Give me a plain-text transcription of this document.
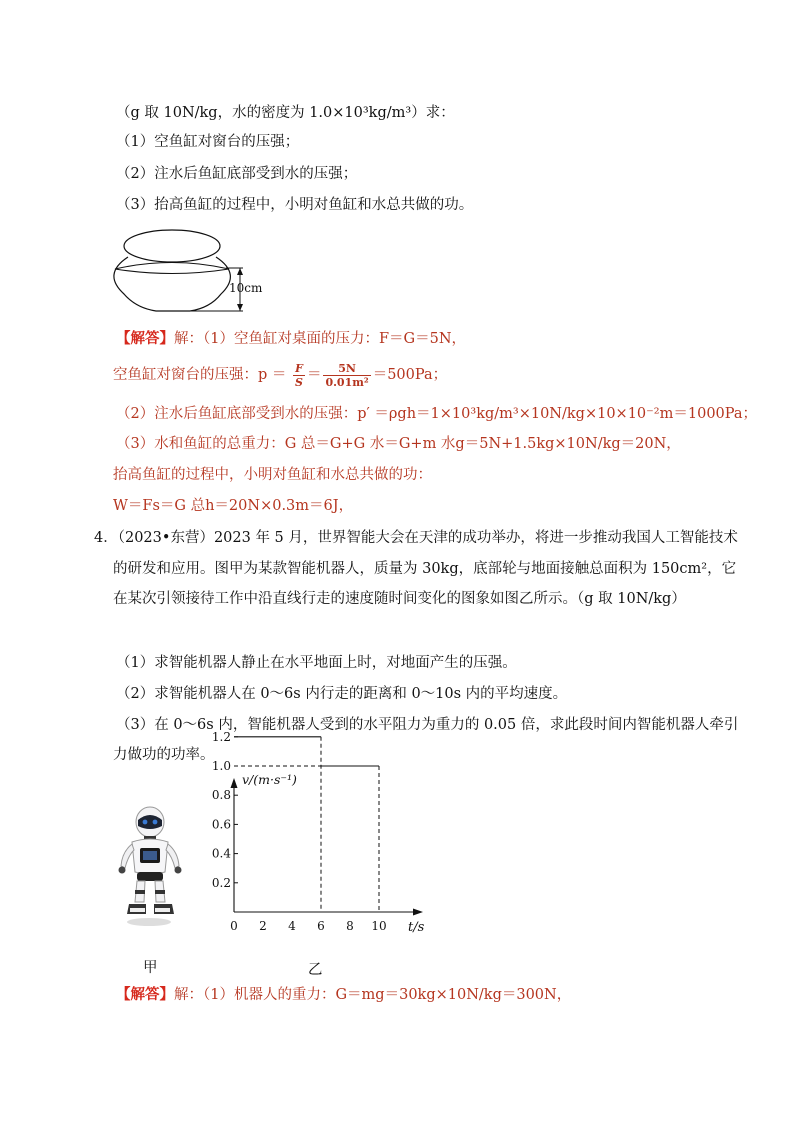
（g 取 10N/kg，水的密度为 1.0×10³kg/m³）求：
（1）空鱼缸对窗台的压强；
（2）注水后鱼缸底部受到水的压强；
（3）抬高鱼缸的过程中，小明对鱼缸和水总共做的功。
10cm
【解答】解：（1）空鱼缸对桌面的压力：F＝G＝5N，
空鱼缸对窗台的压强：$p = \frac{F}{S} = \frac{5N}{\text{0.01m²}} =500Pa$；
（2）注水后鱼缸底部受到水的压强：p′ ＝ρgh＝1×10³kg/m³×10N/kg×10×10⁻²m＝1000Pa；
（3）水和鱼缸的总重力：G 总＝G+G 水＝G+m 水g＝5N+1.5kg×10N/kg＝20N，
抬高鱼缸的过程中，小明对鱼缸和水总共做的功：
W＝Fs＝G 总h＝20N×0.3m＝6J，
4．（2023•东营）2023 年 5 月，世界智能大会在天津的成功举办，将进一步推动我国人工智能技术
的研发和应用。图甲为某款智能机器人，质量为 30kg，底部轮与地面接触总面积为 150cm²，它
在某次引领接待工作中沿直线行走的速度随时间变化的图象如图乙所示。（g 取 10N/kg）
（1）求智能机器人静止在水平地面上时，对地面产生的压强。
（2）求智能机器人在 0～6s 内行走的距离和 0～10s 内的平均速度。
（3）在 0～6s 内，智能机器人受到的水平阻力为重力的 0.05 倍，求此段时间内智能机器人牵引
力做功的功率。
甲
v/(m·s⁻¹)
t/s
0 2 4 6 8 10
0.2
0.4
0.6
0.8
1.0
1.2
乙
【解答】解：（1）机器人的重力：G＝mg＝30kg×10N/kg＝300N，
